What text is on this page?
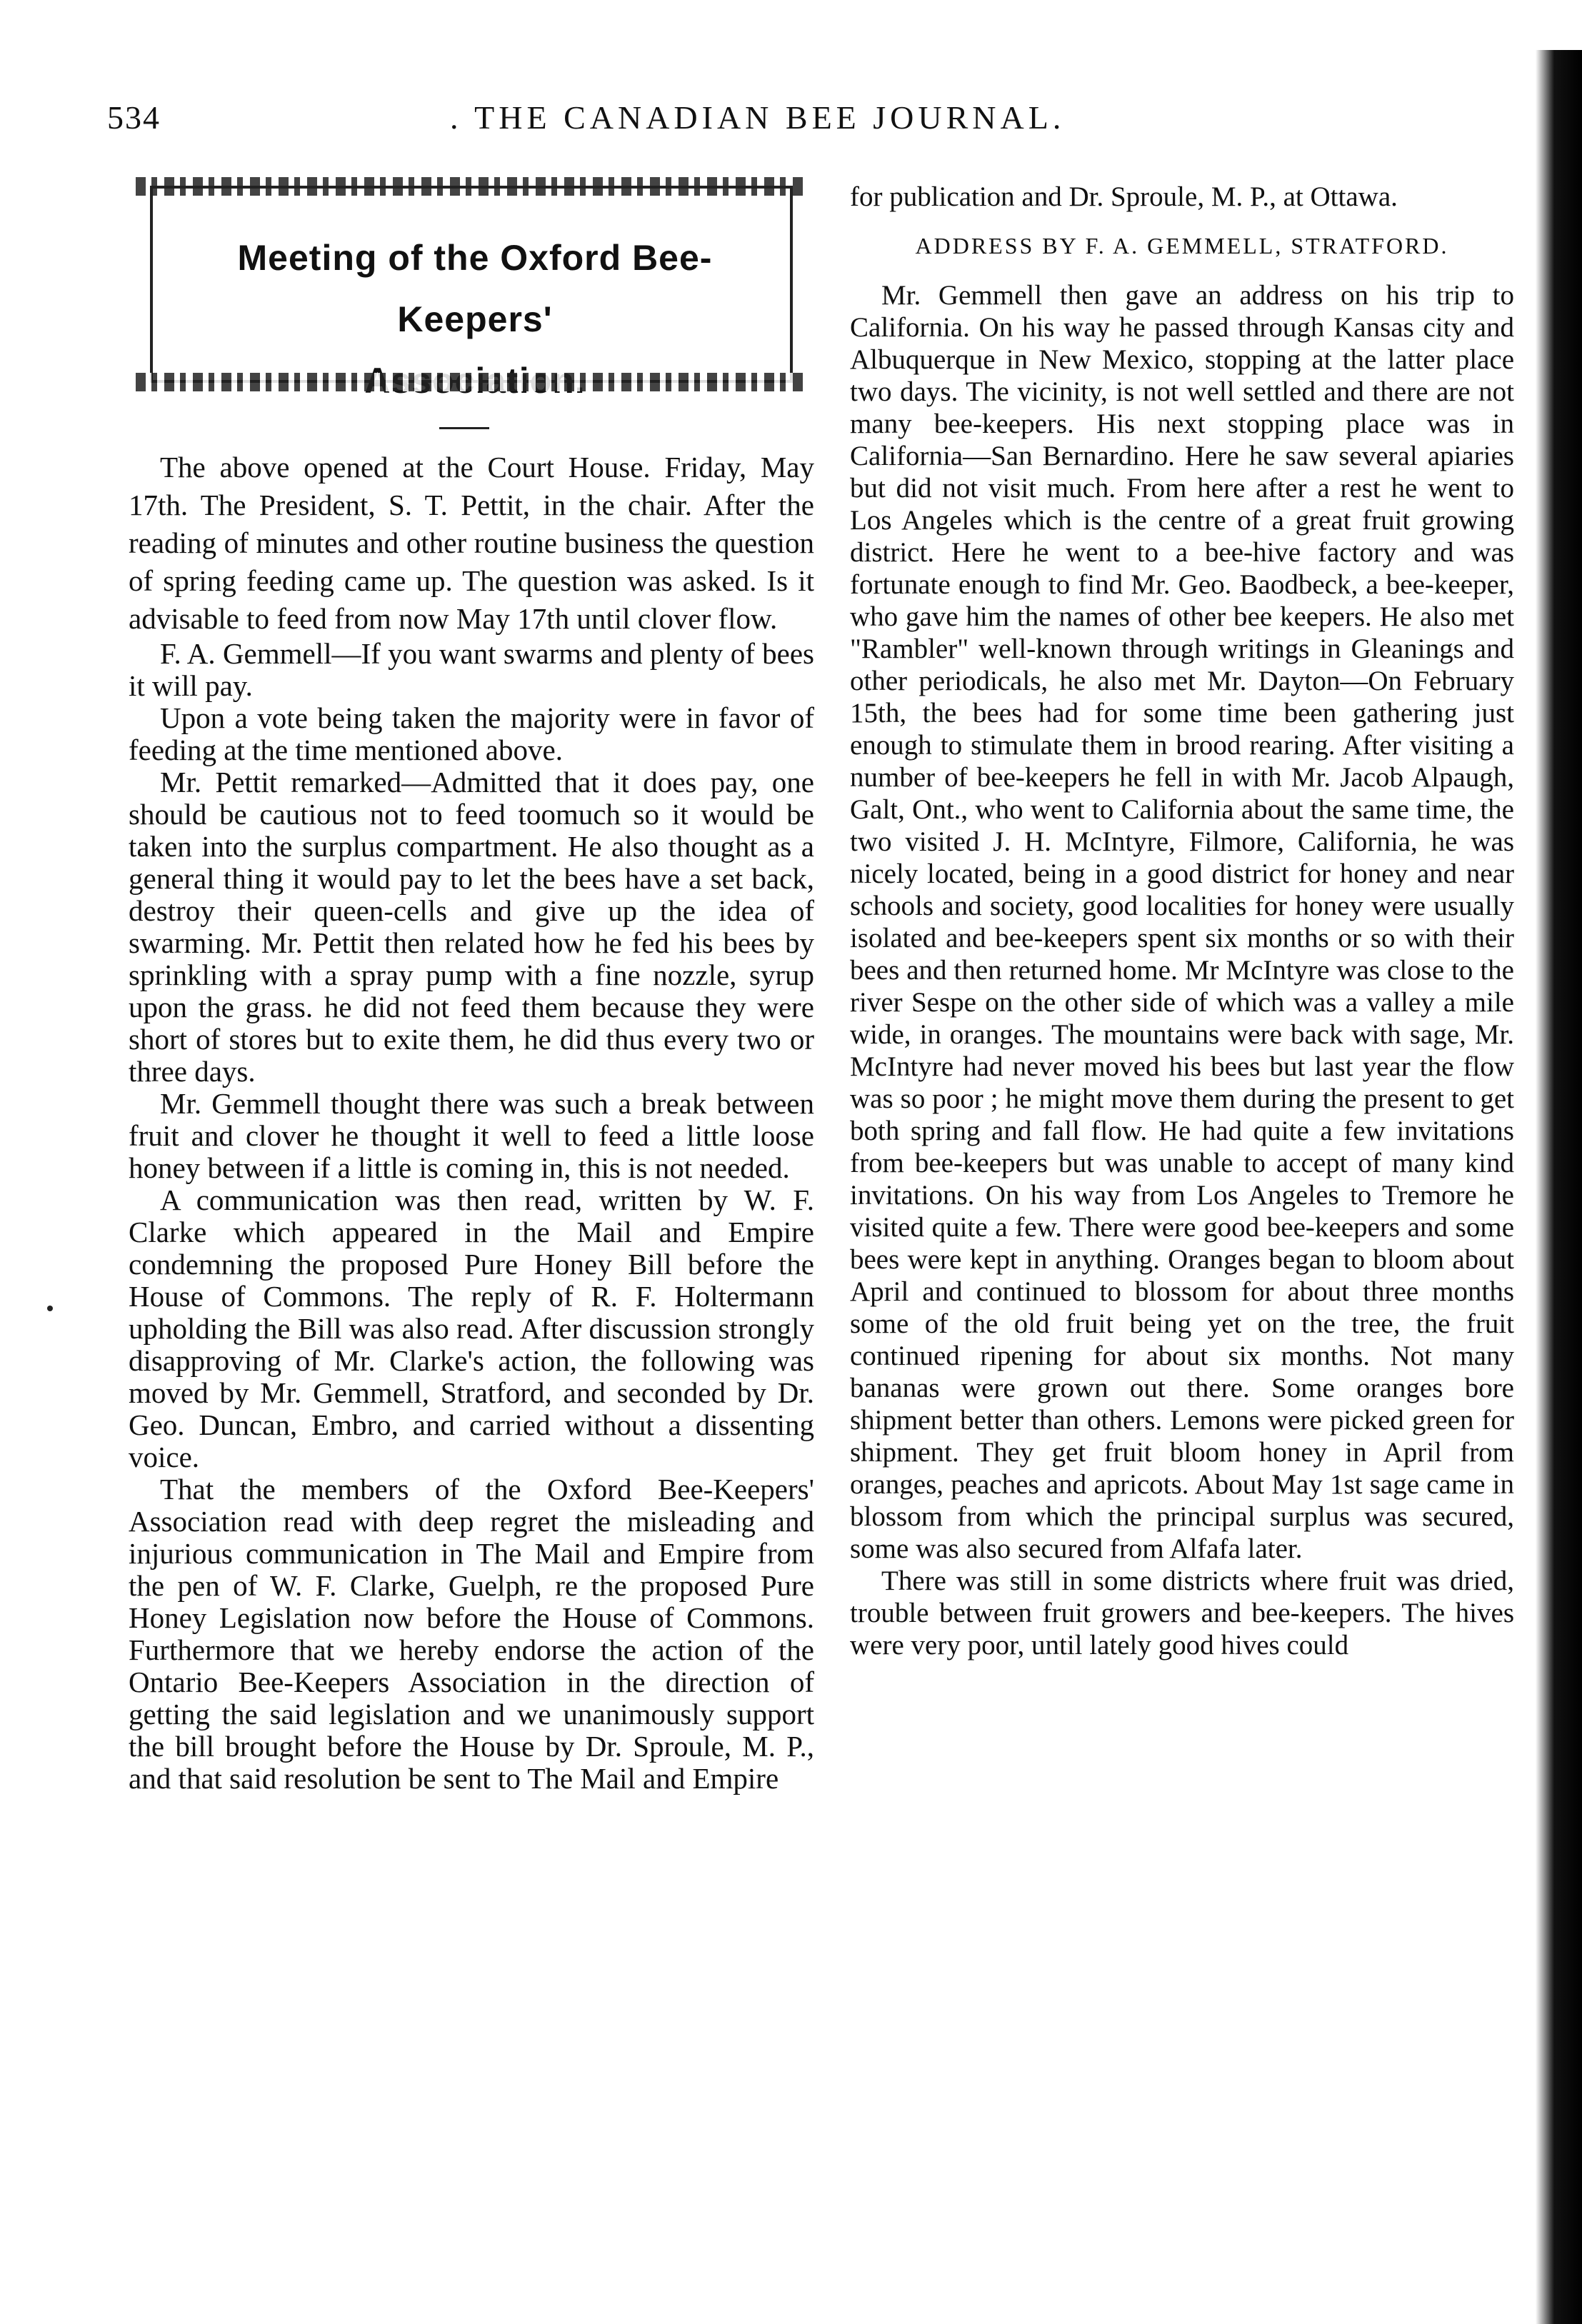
534	. THE CANADIAN BEE JOURNAL.
Meeting of the Oxford Bee-Keepers'

The above opened at the Court House. Friday, May 17th. The President, S. T. Pettit, in the chair. After the reading of minutes and other routine business the question of spring feeding came up. The question was asked. Is it advisable to feed from now May 17th until clover flow.

F. A. Gemmell—If you want swarms and plenty of bees it will pay.

Upon a vote being taken the majority were in favor of feeding at the time mentioned above.

Mr. Pettit remarked—Admitted that it does pay, one should be cautious not to feed toomuch so it would be taken into the surplus compartment. He also thought as a general thing it would pay to let the bees have a set back, destroy their queen-cells and give up the idea of swarming. Mr. Pettit then related how he fed his bees by sprinkling with a spray pump with a fine nozzle, syrup upon the grass. he did not feed them because they were short of stores but to exite them, he did thus every two or three days.

Mr. Gemmell thought there was such a break between fruit and clover he thought it well to feed a little loose honey between if a little is coming in, this is not needed.

A communication was then read, written by W. F. Clarke which appeared in the Mail and Empire condemning the proposed Pure Honey Bill before the House of Commons. The reply of R. F. Holtermann upholding the Bill was also read. After discussion strongly disapproving of Mr. Clarke's action, the following was moved by Mr. Gemmell, Stratford, and seconded by Dr. Geo. Duncan, Embro, and carried without a dissenting voice.

That the members of the Oxford Bee-Keepers' Association read with deep regret the misleading and injurious communication in The Mail and Empire from the pen of W. F. Clarke, Guelph, re the proposed Pure Honey Legislation now before the House of Commons. Furthermore that we hereby endorse the action of the Ontario Bee-Keepers Association in the direction of getting the said legislation and we unanimously support the bill brought before the House by Dr. Sproule, M. P., and that said resolution be sent to The Mail and Empire

for publication and Dr. Sproule, M. P., at Ottawa.

ADDRESS BY F. A. GEMMELL, STRATFORD.

Mr. Gemmell then gave an address on his trip to California. On his way he passed through Kansas city and Albuquerque in New Mexico, stopping at the latter place two days. The vicinity, is not well settled and there are not many bee-keepers. His next stopping place was in California—San Bernardino. Here he saw several apiaries but did not visit much. From here after a rest he went to Los Angeles which is the centre of a great fruit growing district. Here he went to a bee-hive factory and was fortunate enough to find Mr. Geo. Baodbeck, a bee-keeper, who gave him the names of other bee keepers. He also met "Rambler" well-known through writings in Gleanings and other periodicals, he also met Mr. Dayton—On February 15th, the bees had for some time been gathering just enough to stimulate them in brood rearing. After visiting a number of bee-keepers he fell in with Mr. Jacob Alpaugh, Galt, Ont., who went to California about the same time, the two visited J. H. McIntyre, Filmore, California, he was nicely located, being in a good district for honey and near schools and society, good localities for honey were usually isolated and bee-keepers spent six months or so with their bees and then returned home. Mr McIntyre was close to the river Sespe on the other side of which was a valley a mile wide, in oranges. The mountains were back with sage, Mr. McIntyre had never moved his bees but last year the flow was so poor ; he might move them during the present to get both spring and fall flow. He had quite a few invitations from bee-keepers but was unable to accept of many kind invitations. On his way from Los Angeles to Tremore he visited quite a few. There were good bee-keepers and some bees were kept in anything. Oranges began to bloom about April and continued to blossom for about three months some of the old fruit being yet on the tree, the fruit continued ripening for about six months. Not many bananas were grown out there. Some oranges bore shipment better than others. Lemons were picked green for shipment. They get fruit bloom honey in April from oranges, peaches and apricots. About May 1st sage came in blossom from which the principal surplus was secured, some was also secured from Alfafa later.

There was still in some districts where fruit was dried, trouble between fruit growers and bee-keepers. The hives were very poor, until lately good hives could
